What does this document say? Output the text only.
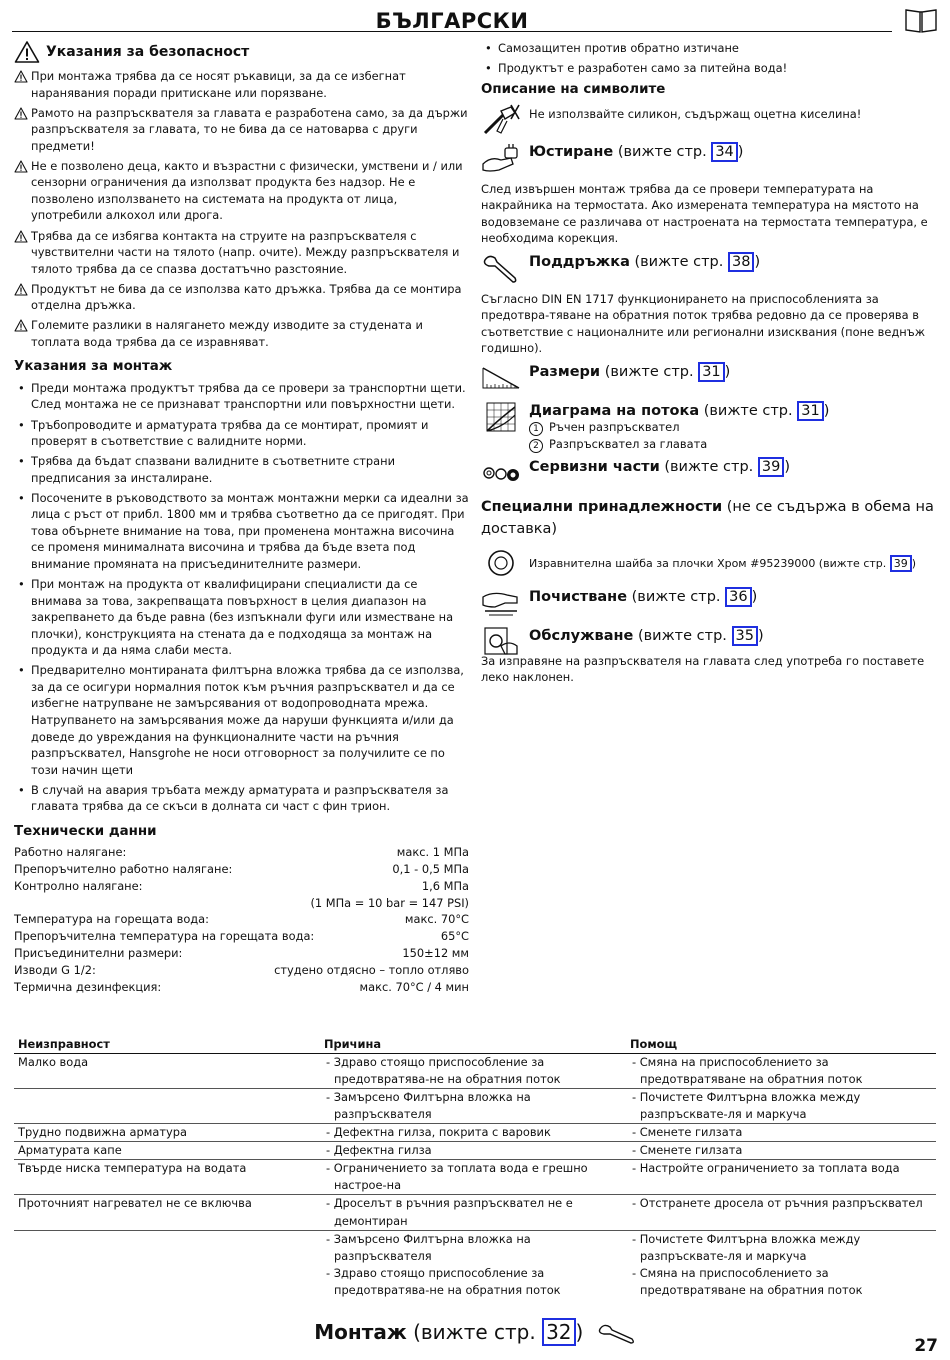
БЪЛГАРСКИ
Указания за безопасност
При монтажа трябва да се носят ръкавици, за да се избегнат наранявания поради притискане или порязване.
Рамото на разпръсквателя за главата е разработена само, за да държи разпръсквателя за главата, то не бива да се натоварва с други предмети!
Не е позволено деца, както и възрастни с физически, умствени и / или сензорни ограничения да използват продукта без надзор. Не е позволено използването на системата на продукта от лица, употребили алкохол или дрога.
Трябва да се избягва контакта на струите на разпръсквателя с чувствителни части на тялото (напр. очите). Между разпръсквателя и тялото трябва да се спазва достатъчно разстояние.
Продуктът не бива да се използва като дръжка. Трябва да се монтира отделна дръжка.
Големите разлики в налягането между изводите за студената и топлата вода трябва да се изравняват.
Указания за монтаж
• Преди монтажа продуктът трябва да се провери за транспортни щети. След монтажа не се признават транспортни или повърхностни щети.
• Тръбопроводите и арматурата трябва да се монтират, промият и проверят в съответствие с валидните норми.
• Трябва да бъдат спазвани валидните в съответните страни предписания за инсталиране.
• Посочените в ръководството за монтаж монтажни мерки са идеални за лица с ръст от прибл. 1800 мм и трябва съответно да се пригодят. При това обърнете внимание на това, при променена монтажна височина се променя минималната височина и трябва да бъде взета под внимание промяната на присъединителните размери.
• При монтаж на продукта от квалифицирани специалисти да се внимава за това, закрепващата повърхност в целия диапазон на закрепването да бъде равна (без изпъкнали фуги или изместване на плочки), конструкцията на стената да е подходяща за монтаж на продукта и да няма слаби места.
• Предварително монтираната филтърна вложка трябва да се използва, за да се осигури нормалния поток към ръчния разпръсквател и да се избегне натрупване не замърсявания от водопроводната мрежа. Натрупването на замърсявания може да наруши функцията и/или да доведе до увреждания на функционалните части на ръчния разпръсквател, Hansgrohe не носи отговорност за получилите се по този начин щети
• В случай на авария тръбата между арматурата и разпръсквателя за главата трябва да се скъси в долната си част с фин трион.
Технически данни
Работно налягане:	макс. 1 МПа
Препоръчително работно налягане:	0,1 - 0,5 МПа
Контролно налягане:	1,6 МПа
(1 МПа = 10 bar = 147 PSI)
Температура на горещата вода:	макс. 70°C
Препоръчителна температура на горещата вода:	65°C
Присъединителни размери:	150±12 мм
Изводи G 1/2:	студено отдясно – топло отляво
Термична дезинфекция:	макс. 70°C / 4 мин
• Самозащитен против обратно изтичане
• Продуктът е разработен само за питейна вода!
Описание на символите
Не използвайте силикон, съдържащ оцетна киселина!
Юстиране (вижте стр. 34 )
След извършен монтаж трябва да се провери температурата на накрайника на термостата. Ако измерената температура на мястото на водовземане се различава от настроената на термостата температура, е необходима корекция.
Поддръжка (вижте стр. 38 )
Съгласно DIN EN 1717 функционирането на приспособленията за предотвра-тяване на обратния поток трябва редовно да се проверява в съответствие с националните или регионални изисквания (поне веднъж годишно).
Размери (вижте стр. 31 )
Диаграма на потока (вижте стр. 31 )
1 Ръчен разпръсквател
2 Разпръсквател за главата
Сервизни части (вижте стр. 39 )
Специални принадлежности (не се съдържа в обема на доставка)
Изравнителна шайба за плочки Хром #95239000 (вижте стр. 39 )
Почистване (вижте стр. 36 )
Обслужване (вижте стр. 35 )
За изправяне на разпръсквателя на главата след употреба го поставете леко наклонен.
Неизправност	Причина	Помощ
Малко вода	- Здраво стоящо приспособление за предотвратява-не на обратния поток	- Смяна на приспособлението за предотвратяване на обратния поток

	- Замърсено Филтърна вложка на разпръсквателя	- Почистете Филтърна вложка между разпръсквате-ля и маркуча

Трудно подвижна арматура	- Дефектна гилза, покрита с варовик	- Сменете гилзата

Арматурата капе	- Дефектна гилза	- Сменете гилзата

Твърде ниска температура на водата	- Ограничението за топлата вода е грешно настрое-на	- Настройте ограничението за топлата вода

Проточният нагревател не се включва	- Дроселът в ръчния разпръсквател не е демонтиран	- Отстранете дросела от ръчния разпръсквател

	- Замърсено Филтърна вложка на разпръсквателя	- Почистете Филтърна вложка между разпръсквате-ля и маркуча

	- Здраво стоящо приспособление за предотвратява-не на обратния поток	- Смяна на приспособлението за предотвратяване на обратния поток
Монтаж (вижте стр. 32 )
27
